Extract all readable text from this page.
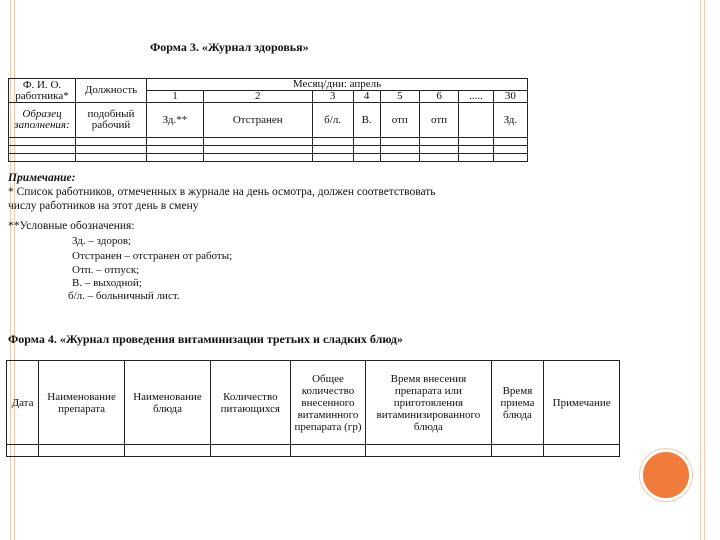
Форма 3. «Журнал здоровья»
Ф. И. О. работника*	Должность	Месяц/дни: апрель							
		1	2	3	4	5	6	.....	30
Образец заполнения:	подобный рабочий	Зд.**	Отстранен	б/л.	В.	отп	отп		Зд.

Примечание:
* Список работников, отмеченных в журнале на день осмотра, должен соответствовать
числу работников на этот день в смену
**Условные обозначения:
Зд. – здоров;
Отстранен – отстранен от работы;
Отп. – отпуск;
В. – выходной;
б/л. – больничный лист.
Форма 4. «Журнал проведения витаминизации третьих и сладких блюд»
Дата	Наименование препарата	Наименование блюда	Количество питающихся	Общее количество внесенного витаминного препарата (гр)	Время внесения препарата или приготовления витаминизированного блюда	Время приема блюда	Примечание
